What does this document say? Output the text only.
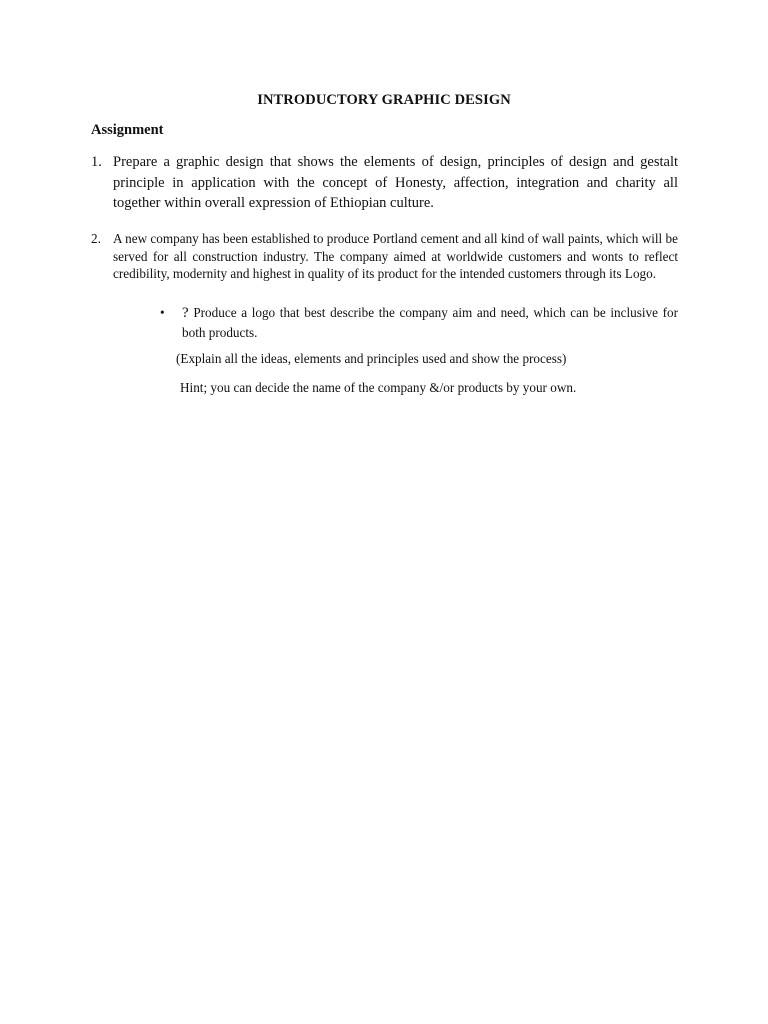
INTRODUCTORY GRAPHIC DESIGN
Assignment
1. Prepare a graphic design that shows the elements of design, principles of design and gestalt principle in application with the concept of Honesty, affection, integration and charity all together within overall expression of Ethiopian culture.
2. A new company has been established to produce Portland cement and all kind of wall paints, which will be served for all construction industry. The company aimed at worldwide customers and wonts to reflect credibility, modernity and highest in quality of its product for the intended customers through its Logo.
• ? Produce a logo that best describe the company aim and need, which can be inclusive for both products.
(Explain all the ideas, elements and principles used and show the process)
Hint; you can decide the name of the company &/or products by your own.
